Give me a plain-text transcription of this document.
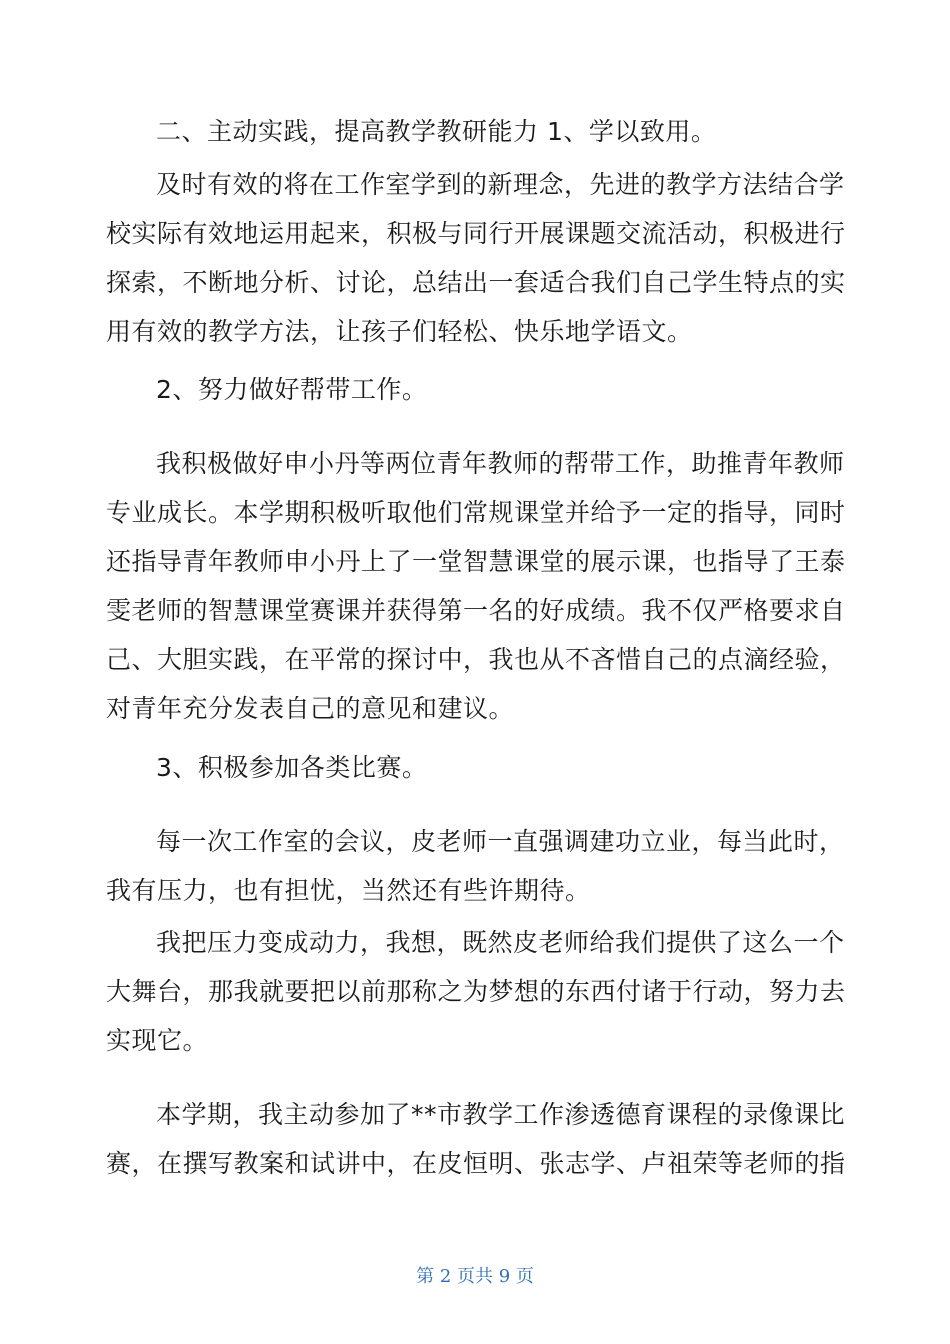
二、主动实践，提高教学教研能力 1、学以致用。
及时有效的将在工作室学到的新理念，先进的教学方法结合学
校实际有效地运用起来，积极与同行开展课题交流活动，积极进行
探索，不断地分析、讨论，总结出一套适合我们自己学生特点的实
用有效的教学方法，让孩子们轻松、快乐地学语文。
2、努力做好帮带工作。
我积极做好申小丹等两位青年教师的帮带工作，助推青年教师
专业成长。本学期积极听取他们常规课堂并给予一定的指导，同时
还指导青年教师申小丹上了一堂智慧课堂的展示课，也指导了王泰
雯老师的智慧课堂赛课并获得第一名的好成绩。我不仅严格要求自
己、大胆实践，在平常的探讨中，我也从不吝惜自己的点滴经验，
对青年充分发表自己的意见和建议。
3、积极参加各类比赛。
每一次工作室的会议，皮老师一直强调建功立业，每当此时，
我有压力，也有担忧，当然还有些许期待。
我把压力变成动力，我想，既然皮老师给我们提供了这么一个
大舞台，那我就要把以前那称之为梦想的东西付诸于行动，努力去
实现它。
本学期，我主动参加了**市教学工作渗透德育课程的录像课比
赛，在撰写教案和试讲中，在皮恒明、张志学、卢祖荣等老师的指
第 2 页共 9 页
